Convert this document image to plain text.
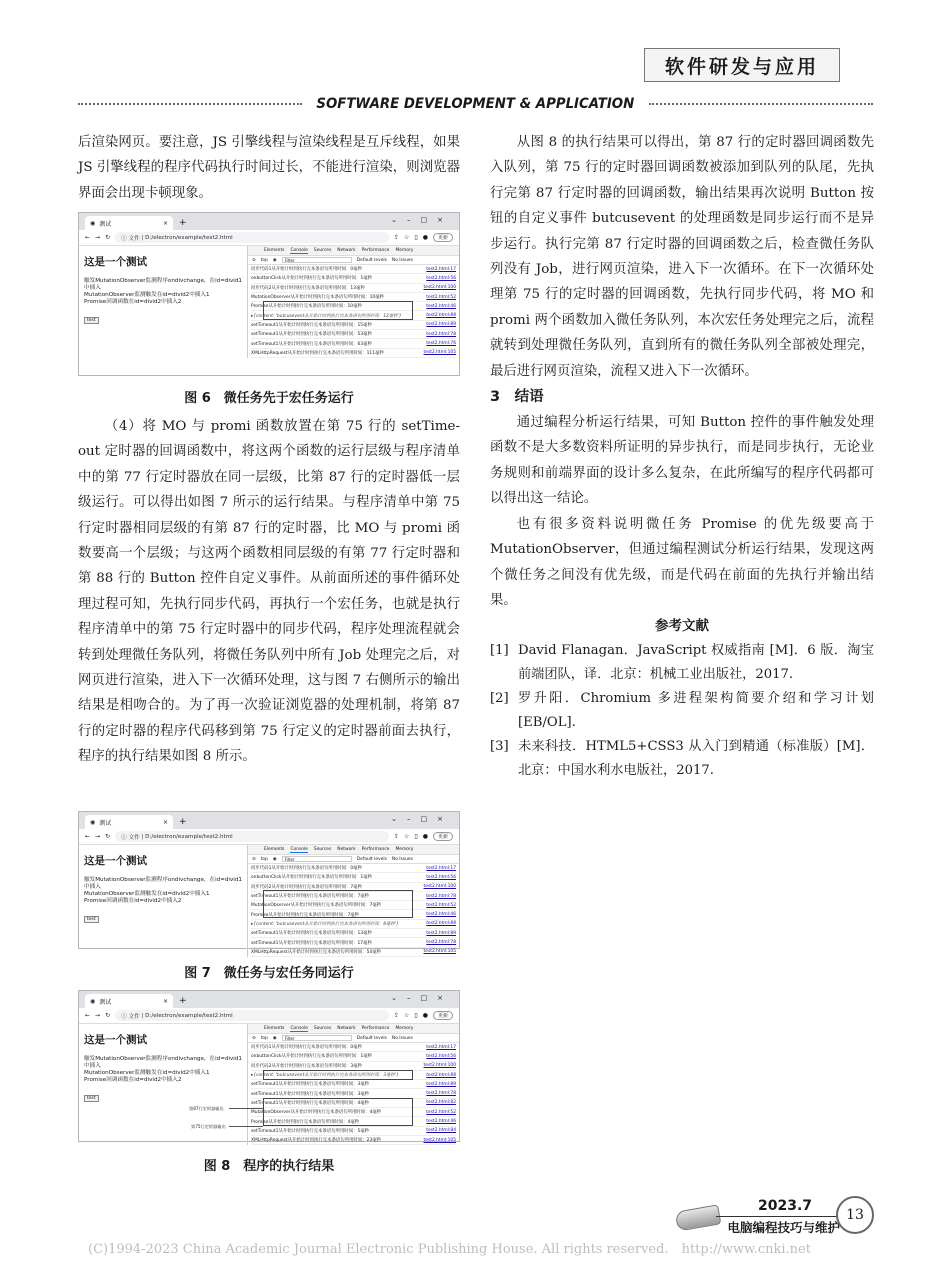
软件研发与应用
SOFTWARE DEVELOPMENT & APPLICATION

后渲染网页。要注意，JS 引擎线程与渲染线程是互斥线程，如果 JS 引擎线程的程序代码执行时间过长，不能进行渲染，则浏览器界面会出现卡顿现象。

◉ 测试	× +	⌄–□×
← → ↻ ⓘ 文件 | D:/electron/example/test2.html	⇪ ☆ ▯ ●	更新
这是一个测试

触发MutationObserver监测程序ondivchange，在id=divid1中插入

MutationObserver监测触发在id=divid2中插入1

Promise回调函数在id=divid2中插入2

test
Elements Console Sources Network Performance Memory
⊘ top ◉	Filter	Default levels No Issues
同步代码1从开始计时到执行完本条语句所用时间：0毫秒	test2.html:17
onbuttonClick从开始计时到执行完本条语句所用时间：1毫秒	test2.html:56
同步代码2从开始计时到执行完本条语句所用时间：13毫秒	test2.html:100
MutationObserver从开始计时到执行完本条语句所用时间：10毫秒	test2.html:52
Promise从开始计时到执行完本条语句所用时间：10毫秒	test2.html:46
▸{content: 'butcusevent从开始计时到执行完本条语句所用时间：12毫秒'}	test2.html:88
setTimeout1从开始计时到执行完本条语句所用时间：15毫秒	test2.html:89
setTimeout1从开始计时到执行完本条语句所用时间：53毫秒	test2.html:78
setTimeout1从开始计时到执行完本条语句所用时间：63毫秒	test2.html:76
XMLHttpRequest从开始计时到执行完本条语句所用时间：111毫秒	test2.html:105
图 6　微任务先于宏任务运行

（4）将 MO 与 promi 函数放置在第 75 行的 setTime-out 定时器的回调函数中，将这两个函数的运行层级与程序清单中的第 77 行定时器放在同一层级，比第 87 行的定时器低一层级运行。可以得出如图 7 所示的运行结果。与程序清单中第 75 行定时器相同层级的有第 87 行的定时器，比 MO 与 promi 函数要高一个层级；与这两个函数相同层级的有第 77 行定时器和第 88 行的 Button 控件自定义事件。从前面所述的事件循环处理过程可知，先执行同步代码，再执行一个宏任务，也就是执行程序清单中的第 75 行定时器中的同步代码，程序处理流程就会转到处理微任务队列，将微任务队列中所有 Job 处理完之后，对网页进行渲染，进入下一次循环处理，这与图 7 右侧所示的输出结果是相吻合的。为了再一次验证浏览器的处理机制，将第 87 行的定时器的程序代码移到第 75 行定义的定时器前面去执行，程序的执行结果如图 8 所示。

◉ 测试	× +	⌄–□×
← → ↻ ⓘ 文件 | D:/electron/example/test2.html	⇪ ☆ ▯ ●	更新
这是一个测试

触发MutationObserver监测程序ondivchange，在id=divid1中插入

MutationObserver监测触发在id=divid2中插入1

Promise回调函数在id=divid2中插入2

test
Elements Console Sources Network Performance Memory
⊘ top ◉	Filter	Default levels No Issues
同步代码1从开始计时到执行完本条语句所用时间：0毫秒	test2.html:17
onbuttonClick从开始计时到执行完本条语句所用时间：1毫秒	test2.html:56
同步代码2从开始计时到执行完本条语句所用时间：7毫秒	test2.html:100
setTimeout1从开始计时到执行完本条语句所用时间：7毫秒	test2.html:78
MutationObserver从开始计时到执行完本条语句所用时间：7毫秒	test2.html:52
Promise从开始计时到执行完本条语句所用时间：7毫秒	test2.html:46
▸{content: 'butcusevent从开始计时到执行完本条语句所用时间：8毫秒'}	test2.html:88
setTimeout1从开始计时到执行完本条语句所用时间：13毫秒	test2.html:89
setTimeout1从开始计时到执行完本条语句所用时间：17毫秒	test2.html:78
XMLHttpRequest从开始计时到执行完本条语句所用时间：54毫秒	test2.html:105
图 7　微任务与宏任务同运行
◉ 测试	× +	⌄–□×
← → ↻ ⓘ 文件 | D:/electron/example/test2.html	⇪ ☆ ▯ ●	更新
这是一个测试

触发MutationObserver监测程序ondivchange，在id=divid1中插入

MutationObserver监测触发在id=divid2中插入1

Promise回调函数在id=divid2中插入2

test
第87行定时器输出
第75行定时器输出
Elements Console Sources Network Performance Memory
⊘ top ◉	Filter	Default levels No Issues
同步代码1从开始计时到执行完本条语句所用时间：0毫秒	test2.html:17
onbuttonClick从开始计时到执行完本条语句所用时间：1毫秒	test2.html:56
同步代码2从开始计时到执行完本条语句所用时间：3毫秒	test2.html:100
▸{content: 'butcusevent从开始计时到执行完本条语句所用时间：3毫秒'}	test2.html:88
setTimeout1从开始计时到执行完本条语句所用时间：3毫秒	test2.html:89
setTimeout1从开始计时到执行完本条语句所用时间：3毫秒	test2.html:78
setTimeout1从开始计时到执行完本条语句所用时间：4毫秒	test2.html:82
MutationObserver从开始计时到执行完本条语句所用时间：4毫秒	test2.html:52
Promise从开始计时到执行完本条语句所用时间：4毫秒	test2.html:46
setTimeout1从开始计时到执行完本条语句所用时间：5毫秒	test2.html:84
XMLHttpRequest从开始计时到执行完本条语句所用时间：23毫秒	test2.html:105
图 8　程序的执行结果

从图 8 的执行结果可以得出，第 87 行的定时器回调函数先入队列，第 75 行的定时器回调函数被添加到队列的队尾，先执行完第 87 行定时器的回调函数，输出结果再次说明 Button 按钮的自定义事件 butcusevent 的处理函数是同步运行而不是异步运行。执行完第 87 行定时器的回调函数之后，检查微任务队列没有 Job，进行网页渲染，进入下一次循环。在下一次循环处理第 75 行的定时器的回调函数，先执行同步代码，将 MO 和 promi 两个函数加入微任务队列，本次宏任务处理完之后，流程就转到处理微任务队列，直到所有的微任务队列全部被处理完，最后进行网页渲染，流程又进入下一次循环。

3　结语

通过编程分析运行结果，可知 Button 控件的事件触发处理函数不是大多数资料所证明的异步执行，而是同步执行，无论业务规则和前端界面的设计多么复杂，在此所编写的程序代码都可以得出这一结论。

也有很多资料说明微任务 Promise 的优先级要高于 MutationObserver，但通过编程测试分析运行结果，发现这两个微任务之间没有优先级，而是代码在前面的先执行并输出结果。

参考文献
[1] David Flanagan．JavaScript 权威指南 [M]．6 版．淘宝前端团队，译．北京：机械工业出版社，2017.
[2] 罗升阳．Chromium 多进程架构简要介绍和学习计划 [EB/OL].
[3] 未来科技．HTML5+CSS3 从入门到精通（标准版）[M]．北京：中国水利水电版社，2017.
2023.7
电脑编程技巧与维护
13
(C)1994-2023 China Academic Journal Electronic Publishing House. All rights reserved.　http://www.cnki.net
